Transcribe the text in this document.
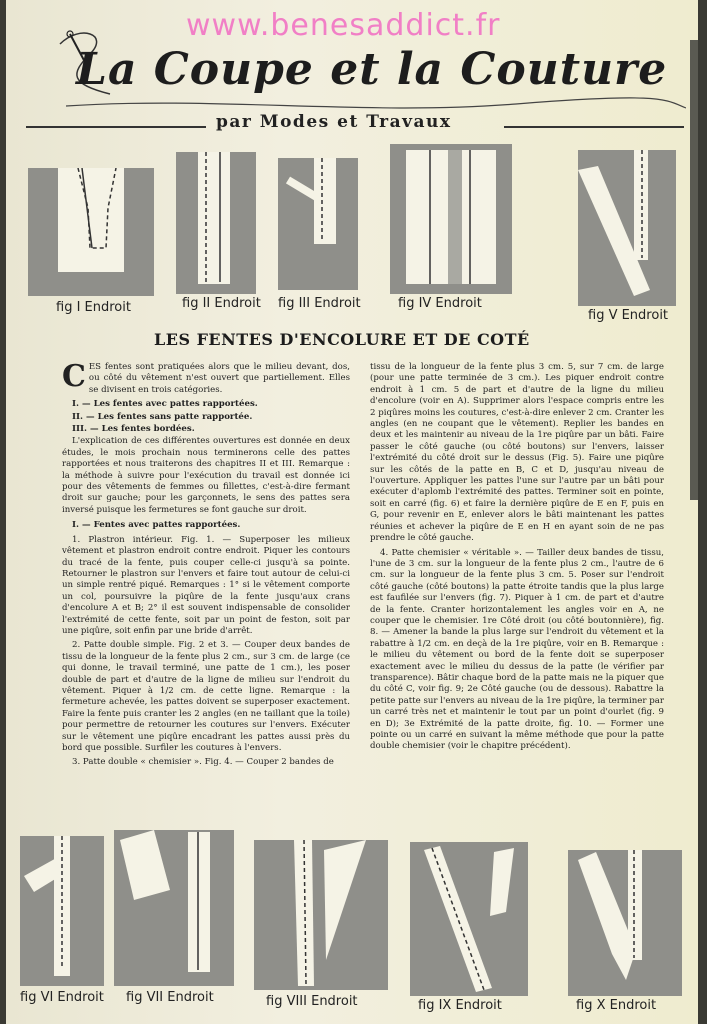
www.benesaddict.fr
La Coupe et la Couture
par Modes et Travaux
fig I Endroit	fig II Endroit fig III Endroit	fig IV Endroit
fig V Endroit
LES FENTES D'ENCOLURE ET DE COTÉ

CES fentes sont pratiquées alors que le milieu devant, dos, ou côté du vêtement n'est ouvert que partiellement. Elles se divisent en trois catégories.

I. — Les fentes avec pattes rapportées.

II. — Les fentes sans patte rapportée.

III. — Les fentes bordées.

L'explication de ces différentes ouvertures est donnée en deux études, le mois prochain nous terminerons celle des pattes rapportées et nous traiterons des chapitres II et III. Remarque : la méthode à suivre pour l'exécution du travail est donnée ici pour des vêtements de femmes ou fillettes, c'est-à-dire fermant droit sur gauche; pour les garçonnets, le sens des pattes sera inversé puisque les fermetures se font gauche sur droit.

I. — Fentes avec pattes rapportées.

1. Plastron intérieur. Fig. 1. — Superposer les milieux vêtement et plastron endroit contre endroit. Piquer les contours du tracé de la fente, puis couper celle-ci jusqu'à sa pointe. Retourner le plastron sur l'envers et faire tout autour de celui-ci un simple rentré piqué. Remarques : 1° si le vêtement comporte un col, poursuivre la piqûre de la fente jusqu'aux crans d'encolure A et B; 2° il est souvent indispensable de consolider l'extrémité de cette fente, soit par un point de feston, soit par une piqûre, soit enfin par une bride d'arrêt.

2. Patte double simple. Fig. 2 et 3. — Couper deux bandes de tissu de la longueur de la fente plus 2 cm., sur 3 cm. de large (ce qui donne, le travail terminé, une patte de 1 cm.), les poser double de part et d'autre de la ligne de milieu sur l'endroit du vêtement. Piquer à 1/2 cm. de cette ligne. Remarque : la fermeture achevée, les pattes doivent se superposer exactement. Faire la fente puis cranter les 2 angles (en ne taillant que la toile) pour permettre de retourner les coutures sur l'envers. Exécuter sur le vêtement une piqûre encadrant les pattes aussi près du bord que possible. Surfiler les coutures à l'envers.

3. Patte double « chemisier ». Fig. 4. — Couper 2 bandes de

tissu de la longueur de la fente plus 3 cm. 5, sur 7 cm. de large (pour une patte terminée de 3 cm.). Les piquer endroit contre endroit à 1 cm. 5 de part et d'autre de la ligne du milieu d'encolure (voir en A). Supprimer alors l'espace compris entre les 2 piqûres moins les coutures, c'est-à-dire enlever 2 cm. Cranter les angles (en ne coupant que le vêtement). Replier les bandes en deux et les maintenir au niveau de la 1re piqûre par un bâti. Faire passer le côté gauche (ou côté boutons) sur l'envers, laisser l'extrémité du côté droit sur le dessus (Fig. 5). Faire une piqûre sur les côtés de la patte en B, C et D, jusqu'au niveau de l'ouverture. Appliquer les pattes l'une sur l'autre par un bâti pour exécuter d'aplomb l'extrémité des pattes. Terminer soit en pointe, soit en carré (fig. 6) et faire la dernière piqûre de E en F, puis en G, pour revenir en E, enlever alors le bâti maintenant les pattes réunies et achever la piqûre de E en H en ayant soin de ne pas prendre le côté gauche.

4. Patte chemisier « véritable ». — Tailler deux bandes de tissu, l'une de 3 cm. sur la longueur de la fente plus 2 cm., l'autre de 6 cm. sur la longueur de la fente plus 3 cm. 5. Poser sur l'endroit côté gauche (côté boutons) la patte étroite tandis que la plus large est faufilée sur l'envers (fig. 7). Piquer à 1 cm. de part et d'autre de la fente. Cranter horizontalement les angles voir en A, ne couper que le chemisier. 1re Côté droit (ou côté boutonnière), fig. 8. — Amener la bande la plus large sur l'endroit du vêtement et la rabattre à 1/2 cm. en deçà de la 1re piqûre, voir en B. Remarque : le milieu du vêtement ou bord de la fente doit se superposer exactement avec le milieu du dessus de la patte (le vérifier par transparence). Bâtir chaque bord de la patte mais ne la piquer que du côté C, voir fig. 9; 2e Côté gauche (ou de dessous). Rabattre la petite patte sur l'envers au niveau de la 1re piqûre, la terminer par un carré très net et maintenir le tout par un point d'ourlet (fig. 9 en D); 3e Extrémité de la patte droite, fig. 10. — Former une pointe ou un carré en suivant la même méthode que pour la patte double chemisier (voir le chapitre précédent).

fig VI Endroit fig VII Endroit	fig VIII Endroit	fig IX Endroit	fig X Endroit
